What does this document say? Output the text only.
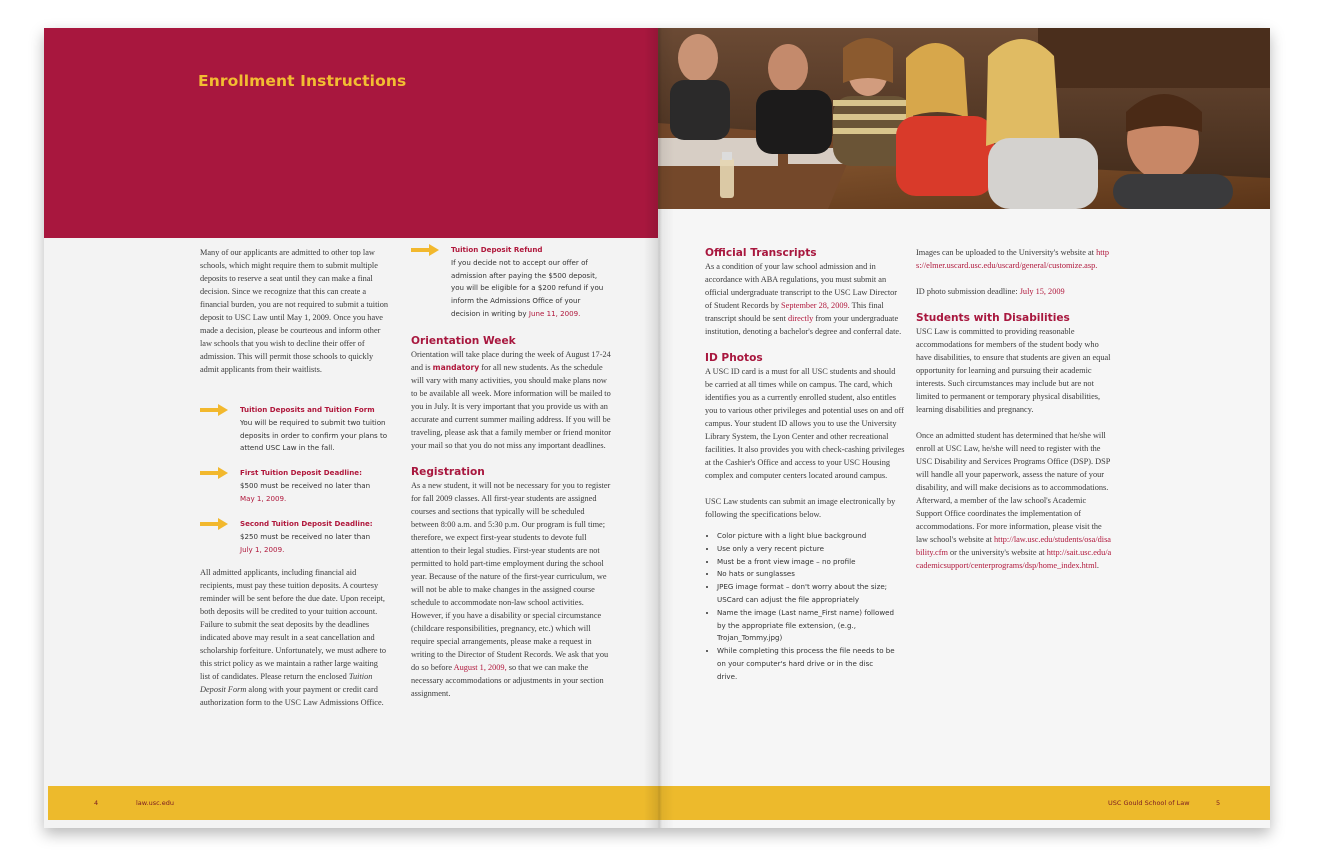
Enrollment Instructions

Many of our applicants are admitted to other top law schools, which might require them to submit multiple deposits to reserve a seat until they can make a final decision. Since we recognize that this can create a financial burden, you are not required to submit a tuition deposit to USC Law until May 1, 2009. Once you have made a decision, please be courteous and inform other law schools that you wish to decline their offer of admission. This will permit those schools to quickly admit applicants from their waitlists.

Tuition Deposits and Tuition Form
You will be required to submit two tuition deposits in order to confirm your plans to attend USC Law in the fall.
First Tuition Deposit Deadline:
$500 must be received no later than
May 1, 2009.
Second Tuition Deposit Deadline:
$250 must be received no later than
July 1, 2009.

All admitted applicants, including financial aid recipients, must pay these tuition deposits. A courtesy reminder will be sent before the due date. Upon receipt, both deposits will be credited to your tuition account. Failure to submit the seat deposits by the deadlines indicated above may result in a seat cancellation and scholarship forfeiture. Unfortunately, we must adhere to this strict policy as we maintain a rather large waiting list of candidates. Please return the enclosed Tuition Deposit Form along with your payment or credit card authorization form to the USC Law Admissions Office.

Tuition Deposit Refund
If you decide not to accept our offer of admission after paying the $500 deposit, you will be eligible for a $200 refund if you inform the Admissions Office of your decision in writing by June 11, 2009.
Orientation Week

Orientation will take place during the week of August 17-24 and is mandatory for all new students. As the schedule will vary with many activities, you should make plans now to be available all week. More information will be mailed to you in July. It is very important that you provide us with an accurate and current summer mailing address. If you will be traveling, please ask that a family member or friend monitor your mail so that you do not miss any important deadlines.

Registration

As a new student, it will not be necessary for you to register for fall 2009 classes. All first-year students are assigned courses and sections that typically will be scheduled between 8:00 a.m. and 5:30 p.m. Our program is full time; therefore, we expect first-year students to devote full attention to their legal studies. First-year students are not permitted to hold part-time employment during the school year. Because of the nature of the first-year curriculum, we will not be able to make changes in the assigned course schedule to accommodate non-law school activities. However, if you have a disability or special circumstance (childcare responsibilities, pregnancy, etc.) which will require special arrangements, please make a request in writing to the Director of Student Records. We ask that you do so before August 1, 2009, so that we can make the necessary accommodations or adjustments in your section assignment.

4	law.usc.edu
Official Transcripts

As a condition of your law school admission and in accordance with ABA regulations, you must submit an official undergraduate transcript to the USC Law Director of Student Records by September 28, 2009. This final transcript should be sent directly from your undergraduate institution, denoting a bachelor's degree and conferral date.

ID Photos

A USC ID card is a must for all USC students and should be carried at all times while on campus. The card, which identifies you as a currently enrolled student, also entitles you to various other privileges and potential uses on and off campus. Your student ID allows you to use the University Library System, the Lyon Center and other recreational facilities. It also provides you with check-cashing privileges at the Cashier's Office and access to your USC Housing complex and computer centers located around campus.

USC Law students can submit an image electronically by following the specifications below.

• Color picture with a light blue background
• Use only a very recent picture
• Must be a front view image – no profile
• No hats or sunglasses
• JPEG image format – don't worry about the size; USCard can adjust the file appropriately
• Name the image (Last name_First name) followed by the appropriate file extension, (e.g., Trojan_Tommy.jpg)
• While completing this process the file needs to be on your computer's hard drive or in the disc drive.

Images can be uploaded to the University's website at https://elmer.uscard.usc.edu/uscard/general/customize.asp.

ID photo submission deadline: July 15, 2009

Students with Disabilities

USC Law is committed to providing reasonable accommodations for members of the student body who have disabilities, to ensure that students are given an equal opportunity for learning and pursuing their academic interests. Such circumstances may include but are not limited to permanent or temporary physical disabilities, learning disabilities and pregnancy.

Once an admitted student has determined that he/she will enroll at USC Law, he/she will need to register with the USC Disability and Services Programs Office (DSP). DSP will handle all your paperwork, assess the nature of your disability, and will make decisions as to accommodations. Afterward, a member of the law school's Academic Support Office coordinates the implementation of accommodations. For more information, please visit the law school's website at http://law.usc.edu/students/osa/disability.cfm or the university's website at http://sait.usc.edu/academicsupport/centerprograms/dsp/home_index.html.

USC Gould School of Law	5
